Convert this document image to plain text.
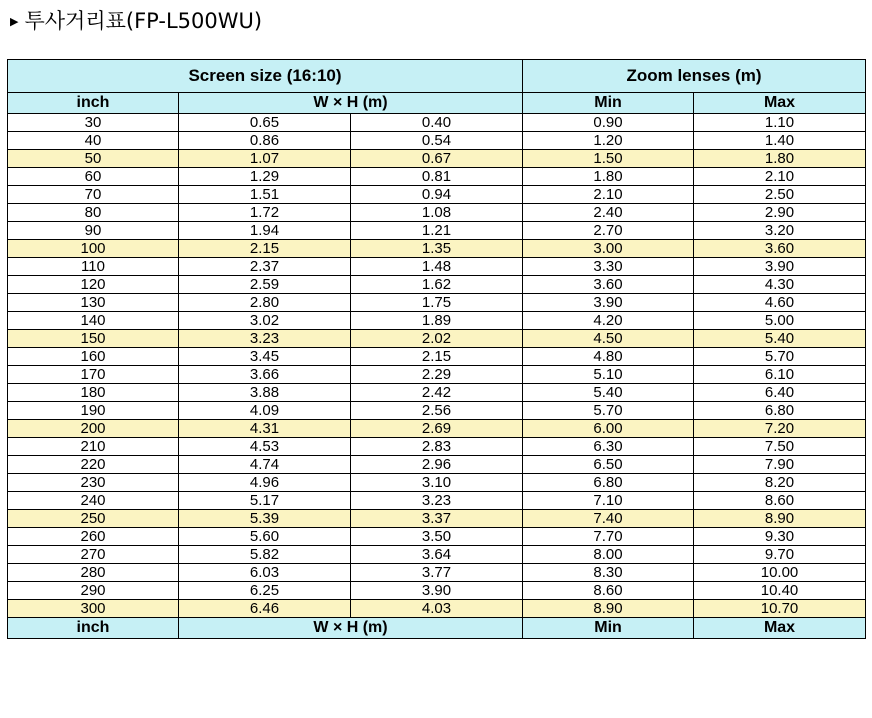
▶ 투사거리표(FP-L500WU)
Screen size (16:10)			Zoom lenses (m)	
inch	W × H (m)		Min	Max
30	0.65	0.40	0.90	1.10
40	0.86	0.54	1.20	1.40
50	1.07	0.67	1.50	1.80
60	1.29	0.81	1.80	2.10
70	1.51	0.94	2.10	2.50
80	1.72	1.08	2.40	2.90
90	1.94	1.21	2.70	3.20
100	2.15	1.35	3.00	3.60
110	2.37	1.48	3.30	3.90
120	2.59	1.62	3.60	4.30
130	2.80	1.75	3.90	4.60
140	3.02	1.89	4.20	5.00
150	3.23	2.02	4.50	5.40
160	3.45	2.15	4.80	5.70
170	3.66	2.29	5.10	6.10
180	3.88	2.42	5.40	6.40
190	4.09	2.56	5.70	6.80
200	4.31	2.69	6.00	7.20
210	4.53	2.83	6.30	7.50
220	4.74	2.96	6.50	7.90
230	4.96	3.10	6.80	8.20
240	5.17	3.23	7.10	8.60
250	5.39	3.37	7.40	8.90
260	5.60	3.50	7.70	9.30
270	5.82	3.64	8.00	9.70
280	6.03	3.77	8.30	10.00
290	6.25	3.90	8.60	10.40
300	6.46	4.03	8.90	10.70
inch	W × H (m)		Min	Max
